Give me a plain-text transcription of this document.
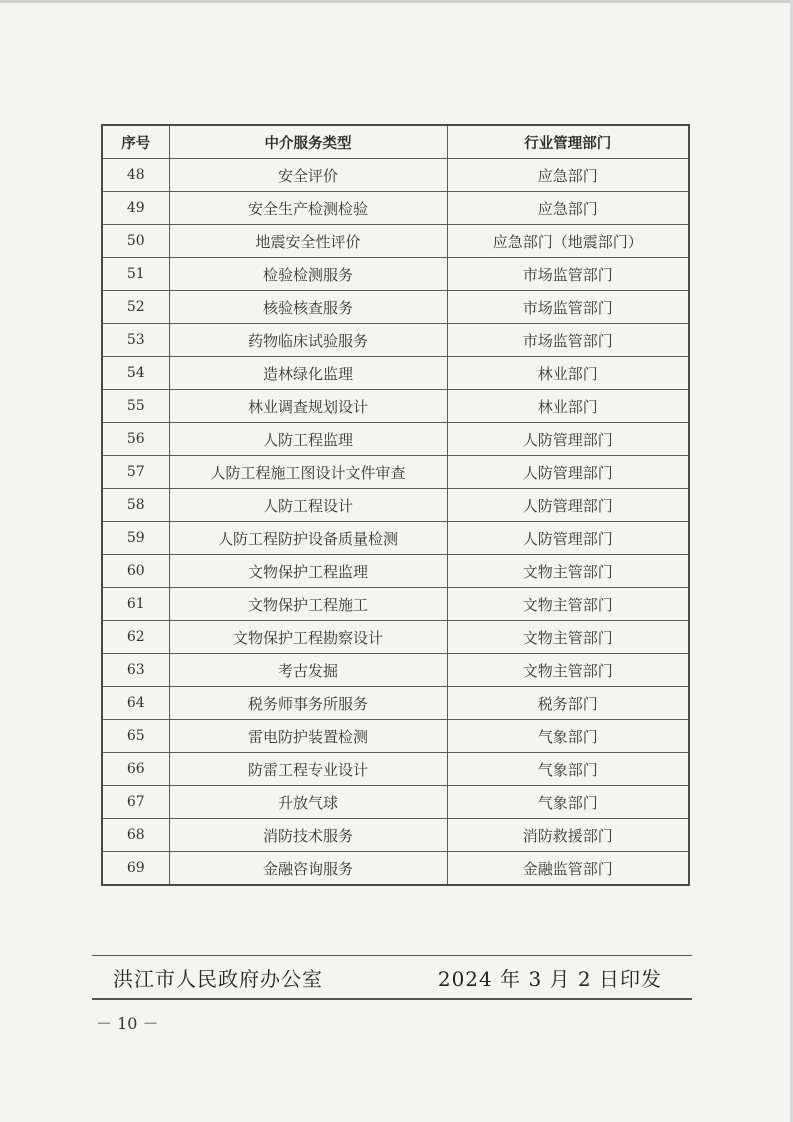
序号	中介服务类型	行业管理部门
48	安全评价	应急部门
49	安全生产检测检验	应急部门
50	地震安全性评价	应急部门（地震部门）
51	检验检测服务	市场监管部门
52	核验核查服务	市场监管部门
53	药物临床试验服务	市场监管部门
54	造林绿化监理	林业部门
55	林业调查规划设计	林业部门
56	人防工程监理	人防管理部门
57	人防工程施工图设计文件审查	人防管理部门
58	人防工程设计	人防管理部门
59	人防工程防护设备质量检测	人防管理部门
60	文物保护工程监理	文物主管部门
61	文物保护工程施工	文物主管部门
62	文物保护工程勘察设计	文物主管部门
63	考古发掘	文物主管部门
64	税务师事务所服务	税务部门
65	雷电防护装置检测	气象部门
66	防雷工程专业设计	气象部门
67	升放气球	气象部门
68	消防技术服务	消防救援部门
69	金融咨询服务	金融监管部门
洪江市人民政府办公室	2024 年 3 月 2 日印发
－ 10 －
